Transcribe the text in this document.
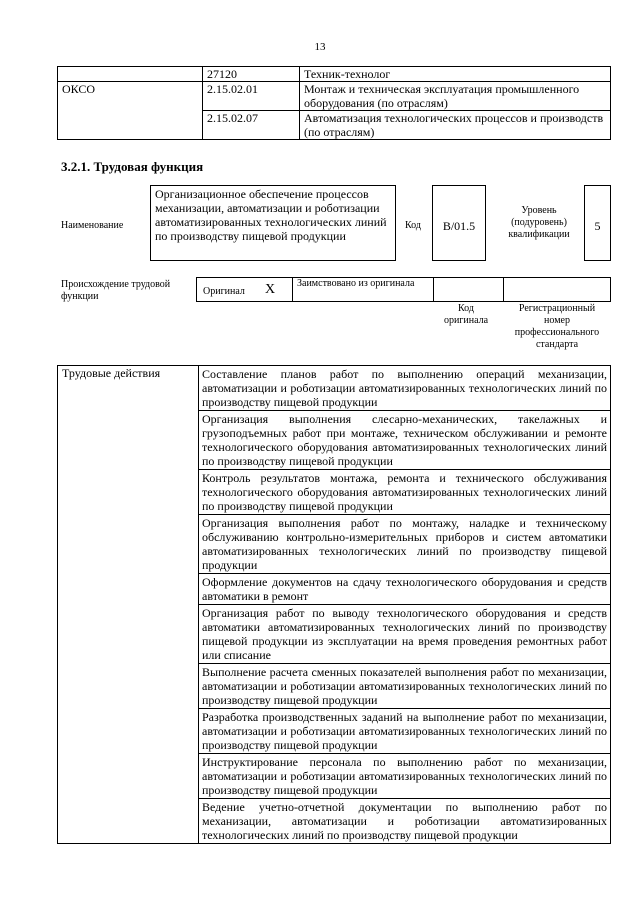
13
	27120	Техник-технолог
ОКСО	2.15.02.01	Монтаж и техническая эксплуатация промышленного оборудования (по отраслям)
	2.15.02.07	Автоматизация технологических процессов и производств (по отраслям)
3.2.1. Трудовая функция
Наименование
Организационное обеспечение процессов механизации, автоматизации и роботизации автоматизированных технологических линий по производству пищевой продукции
Код	B/01.5
Уровень (подуровень) квалификации
5
Происхождение трудовой функции	Оригинал X Заимствовано из оригинала
Код оригинала
Регистрационный номер профессионального стандарта
Трудовые действия	Составление планов работ по выполнению операций механизации, автоматизации и роботизации автоматизированных технологических линий по производству пищевой продукции
Организация выполнения слесарно-механических, такелажных и грузоподъемных работ при монтаже, техническом обслуживании и ремонте технологического оборудования автоматизированных технологических линий по производству пищевой продукции
Контроль результатов монтажа, ремонта и технического обслуживания технологического оборудования автоматизированных технологических линий по производству пищевой продукции
Организация выполнения работ по монтажу, наладке и техническому обслуживанию контрольно-измерительных приборов и систем автоматики автоматизированных технологических линий по производству пищевой продукции
Оформление документов на сдачу технологического оборудования и средств автоматики в ремонт
Организация работ по выводу технологического оборудования и средств автоматики автоматизированных технологических линий по производству пищевой продукции из эксплуатации на время проведения ремонтных работ или списание
Выполнение расчета сменных показателей выполнения работ по механизации, автоматизации и роботизации автоматизированных технологических линий по производству пищевой продукции
Разработка производственных заданий на выполнение работ по механизации, автоматизации и роботизации автоматизированных технологических линий по производству пищевой продукции
Инструктирование персонала по выполнению работ по механизации, автоматизации и роботизации автоматизированных технологических линий по производству пищевой продукции
Ведение учетно-отчетной документации по выполнению работ по механизации, автоматизации и роботизации автоматизированных технологических линий по производству пищевой продукции
